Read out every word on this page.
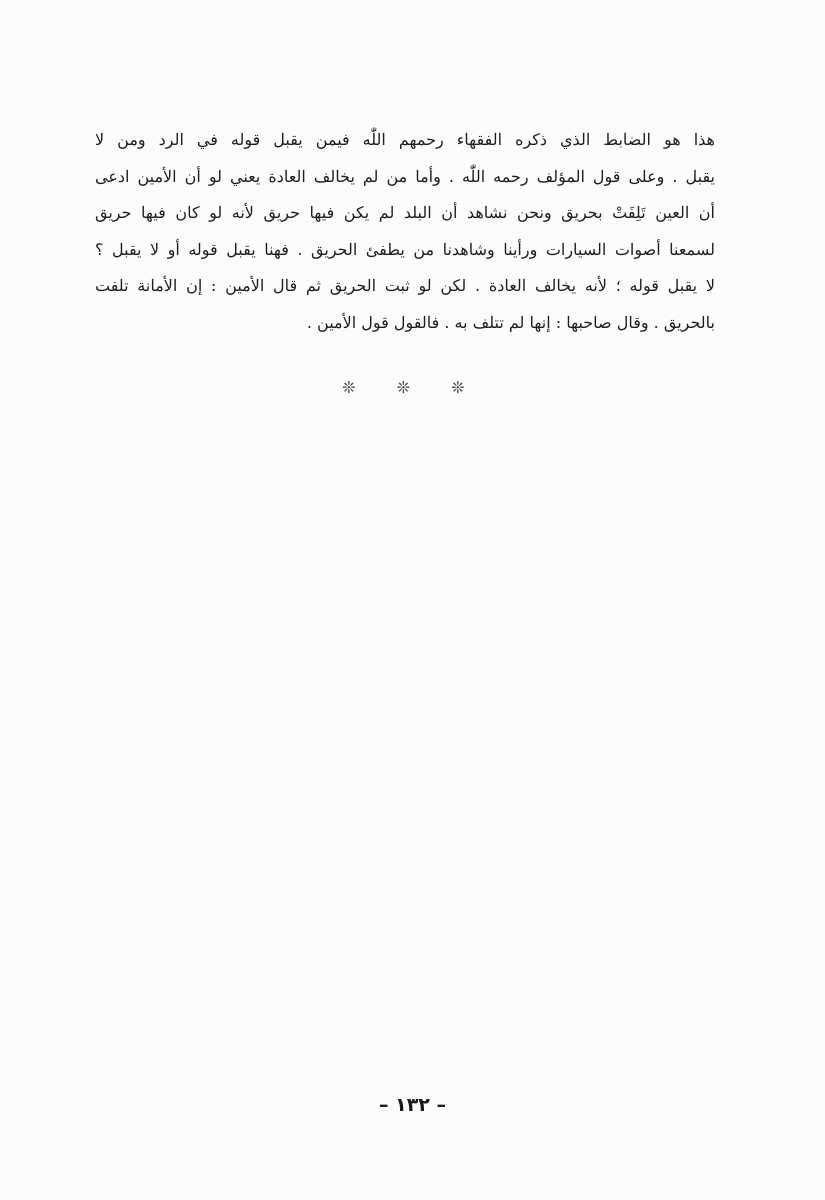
هذا هو الضابط الذي ذكره الفقهاء رحمهم اللّٰه فيمن يقبل قوله في الرد ومن لا
يقبل . وعلى قول المؤلف رحمه اللّٰه . وأما من لم يخالف العادة يعني لو أن الأمين ادعى
أن العين تَلِفَتْ بحريق ونحن نشاهد أن البلد لم يكن فيها حريق لأنه لو كان فيها حريق
لسمعنا أصوات السيارات ورأينا وشاهدنا من يطفئ الحريق . فهنا يقبل قوله أو لا يقبل ؟
لا يقبل قوله ؛ لأنه يخالف العادة . لكن لو ثبت الحريق ثم قال الأمين : إن الأمانة تلفت
بالحريق . وقال صاحبها : إنها لم تتلف به . فالقول قول الأمين .
❊ ❊ ❊
– ١٣٢ –
